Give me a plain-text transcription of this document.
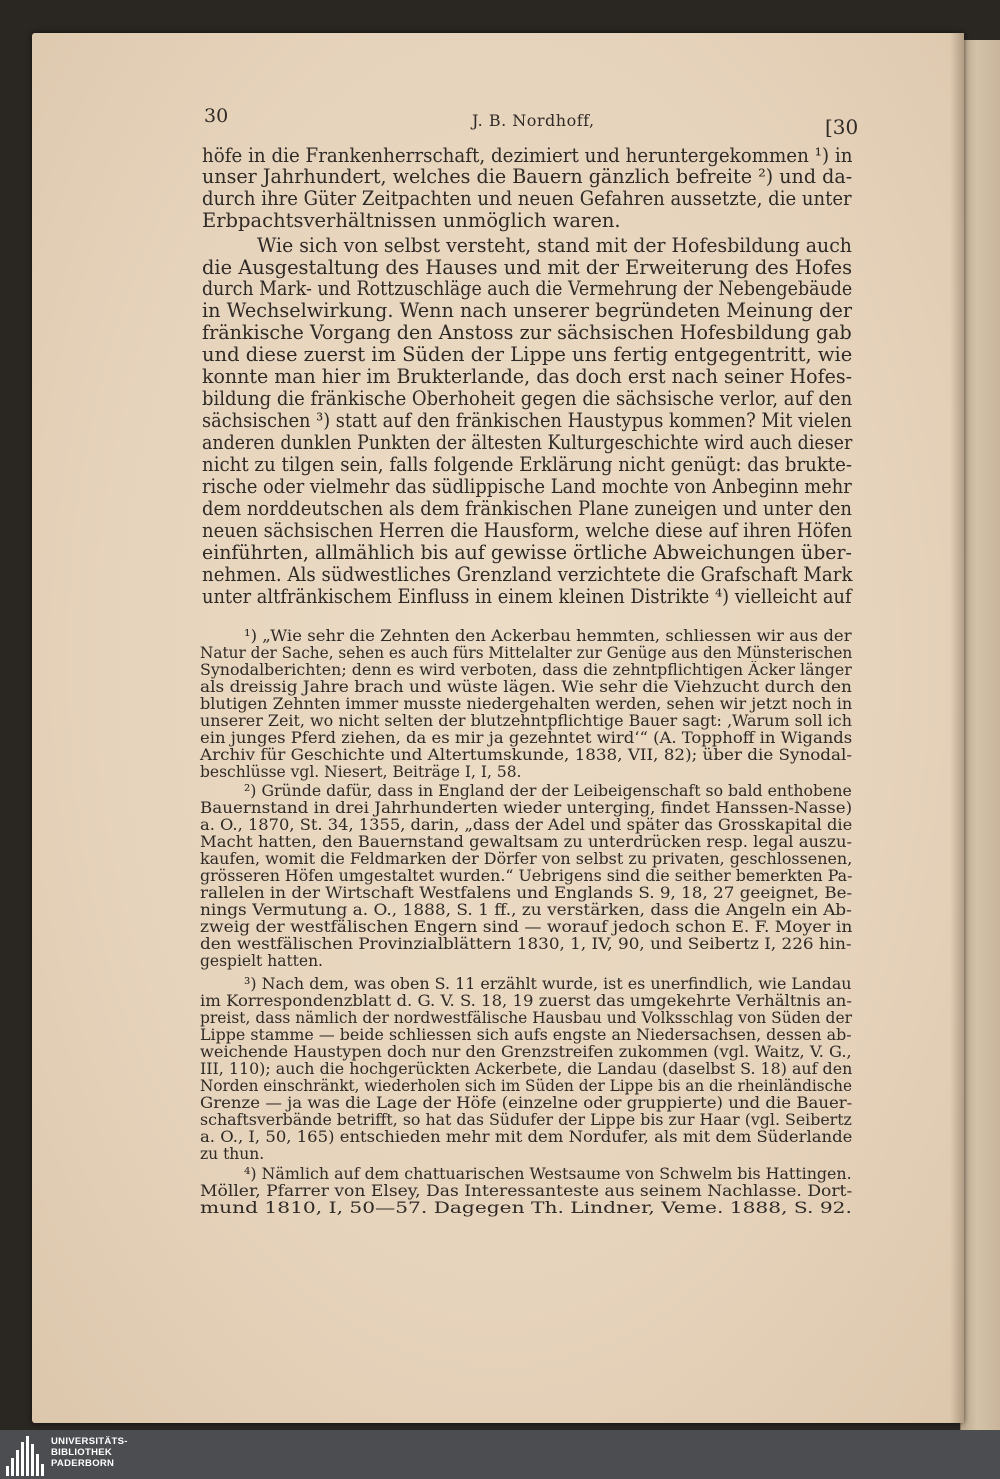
30	J. B. Nordhoff,	[30
höfe in die Frankenherrschaft, dezimiert und heruntergekommen ¹) in
unser Jahrhundert, welches die Bauern gänzlich befreite ²) und da-
durch ihre Güter Zeitpachten und neuen Gefahren aussetzte, die unter
Erbpachtsverhältnissen unmöglich waren.
Wie sich von selbst versteht, stand mit der Hofesbildung auch
die Ausgestaltung des Hauses und mit der Erweiterung des Hofes
durch Mark- und Rottzuschläge auch die Vermehrung der Nebengebäude
in Wechselwirkung. Wenn nach unserer begründeten Meinung der
fränkische Vorgang den Anstoss zur sächsischen Hofesbildung gab
und diese zuerst im Süden der Lippe uns fertig entgegentritt, wie
konnte man hier im Brukterlande, das doch erst nach seiner Hofes-
bildung die fränkische Oberhoheit gegen die sächsische verlor, auf den
sächsischen ³) statt auf den fränkischen Haustypus kommen? Mit vielen
anderen dunklen Punkten der ältesten Kulturgeschichte wird auch dieser
nicht zu tilgen sein, falls folgende Erklärung nicht genügt: das brukte-
rische oder vielmehr das südlippische Land mochte von Anbeginn mehr
dem norddeutschen als dem fränkischen Plane zuneigen und unter den
neuen sächsischen Herren die Hausform, welche diese auf ihren Höfen
einführten, allmählich bis auf gewisse örtliche Abweichungen über-
nehmen. Als südwestliches Grenzland verzichtete die Grafschaft Mark
unter altfränkischem Einfluss in einem kleinen Distrikte ⁴) vielleicht auf
¹) „Wie sehr die Zehnten den Ackerbau hemmten, schliessen wir aus der
Natur der Sache, sehen es auch fürs Mittelalter zur Genüge aus den Münsterischen
Synodalberichten; denn es wird verboten, dass die zehntpflichtigen Äcker länger
als dreissig Jahre brach und wüste lägen. Wie sehr die Viehzucht durch den
blutigen Zehnten immer musste niedergehalten werden, sehen wir jetzt noch in
unserer Zeit, wo nicht selten der blutzehntpflichtige Bauer sagt: ‚Warum soll ich
ein junges Pferd ziehen, da es mir ja gezehntet wird‘“ (A. Topphoff in Wigands
Archiv für Geschichte und Altertumskunde, 1838, VII, 82); über die Synodal-
beschlüsse vgl. Niesert, Beiträge I, I, 58.
²) Gründe dafür, dass in England der der Leibeigenschaft so bald enthobene
Bauernstand in drei Jahrhunderten wieder unterging, findet Hanssen-Nasse)
a. O., 1870, St. 34, 1355, darin, „dass der Adel und später das Grosskapital die
Macht hatten, den Bauernstand gewaltsam zu unterdrücken resp. legal auszu-
kaufen, womit die Feldmarken der Dörfer von selbst zu privaten, geschlossenen,
grösseren Höfen umgestaltet wurden.“ Uebrigens sind die seither bemerkten Pa-
rallelen in der Wirtschaft Westfalens und Englands S. 9, 18, 27 geeignet, Be-
nings Vermutung a. O., 1888, S. 1 ff., zu verstärken, dass die Angeln ein Ab-
zweig der westfälischen Engern sind — worauf jedoch schon E. F. Moyer in
den westfälischen Provinzialblättern 1830, 1, IV, 90, und Seibertz I, 226 hin-
gespielt hatten.
³) Nach dem, was oben S. 11 erzählt wurde, ist es unerfindlich, wie Landau
im Korrespondenzblatt d. G. V. S. 18, 19 zuerst das umgekehrte Verhältnis an-
preist, dass nämlich der nordwestfälische Hausbau und Volksschlag von Süden der
Lippe stamme — beide schliessen sich aufs engste an Niedersachsen, dessen ab-
weichende Haustypen doch nur den Grenzstreifen zukommen (vgl. Waitz, V. G.,
III, 110); auch die hochgerückten Ackerbete, die Landau (daselbst S. 18) auf den
Norden einschränkt, wiederholen sich im Süden der Lippe bis an die rheinländische
Grenze — ja was die Lage der Höfe (einzelne oder gruppierte) und die Bauer-
schaftsverbände betrifft, so hat das Südufer der Lippe bis zur Haar (vgl. Seibertz
a. O., I, 50, 165) entschieden mehr mit dem Nordufer, als mit dem Süderlande
zu thun.
⁴) Nämlich auf dem chattuarischen Westsaume von Schwelm bis Hattingen.
Möller, Pfarrer von Elsey, Das Interessanteste aus seinem Nachlasse. Dort-
mund 1810, I, 50—57. Dagegen Th. Lindner, Veme. 1888, S. 92.
UNIVERSITÄTS-
BIBLIOTHEK
PADERBORN
